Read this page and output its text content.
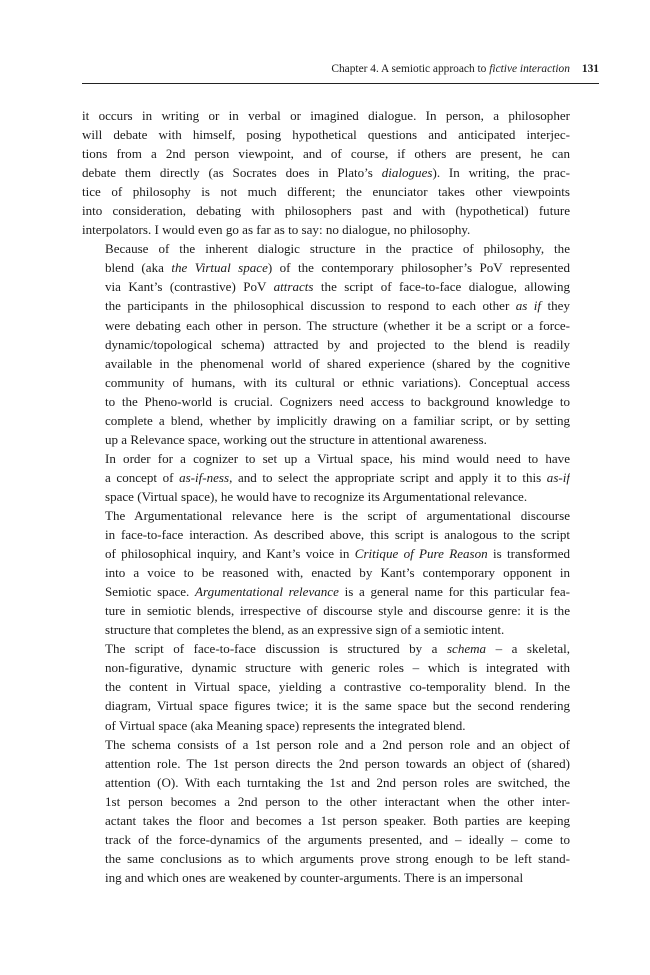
Chapter 4. A semiotic approach to fictive interaction 131

it occurs in writing or in verbal or imagined dialogue. In person, a philosopher
will debate with himself, posing hypothetical questions and anticipated interjec-
tions from a 2nd person viewpoint, and of course, if others are present, he can
debate them directly (as Socrates does in Plato’s dialogues). In writing, the prac-
tice of philosophy is not much different; the enunciator takes other viewpoints
into consideration, debating with philosophers past and with (hypothetical) future
interpolators. I would even go as far as to say: no dialogue, no philosophy.

Because of the inherent dialogic structure in the practice of philosophy, the
blend (aka the Virtual space) of the contemporary philosopher’s PoV represented
via Kant’s (contrastive) PoV attracts the script of face-to-face dialogue, allowing
the participants in the philosophical discussion to respond to each other as if they
were debating each other in person. The structure (whether it be a script or a force-
dynamic/topological schema) attracted by and projected to the blend is readily
available in the phenomenal world of shared experience (shared by the cognitive
community of humans, with its cultural or ethnic variations). Conceptual access
to the Pheno-world is crucial. Cognizers need access to background knowledge to
complete a blend, whether by implicitly drawing on a familiar script, or by setting
up a Relevance space, working out the structure in attentional awareness.

In order for a cognizer to set up a Virtual space, his mind would need to have
a concept of as-if-ness, and to select the appropriate script and apply it to this as-if
space (Virtual space), he would have to recognize its Argumentational relevance.

The Argumentational relevance here is the script of argumentational discourse
in face-to-face interaction. As described above, this script is analogous to the script
of philosophical inquiry, and Kant’s voice in Critique of Pure Reason is transformed
into a voice to be reasoned with, enacted by Kant’s contemporary opponent in
Semiotic space. Argumentational relevance is a general name for this particular fea-
ture in semiotic blends, irrespective of discourse style and discourse genre: it is the
structure that completes the blend, as an expressive sign of a semiotic intent.

The script of face-to-face discussion is structured by a schema – a skeletal,
non-figurative, dynamic structure with generic roles – which is integrated with
the content in Virtual space, yielding a contrastive co-temporality blend. In the
diagram, Virtual space figures twice; it is the same space but the second rendering
of Virtual space (aka Meaning space) represents the integrated blend.

The schema consists of a 1st person role and a 2nd person role and an object of
attention role. The 1st person directs the 2nd person towards an object of (shared)
attention (O). With each turntaking the 1st and 2nd person roles are switched, the
1st person becomes a 2nd person to the other interactant when the other inter-
actant takes the floor and becomes a 1st person speaker. Both parties are keeping
track of the force-dynamics of the arguments presented, and – ideally – come to
the same conclusions as to which arguments prove strong enough to be left stand-
ing and which ones are weakened by counter-arguments. There is an impersonal
